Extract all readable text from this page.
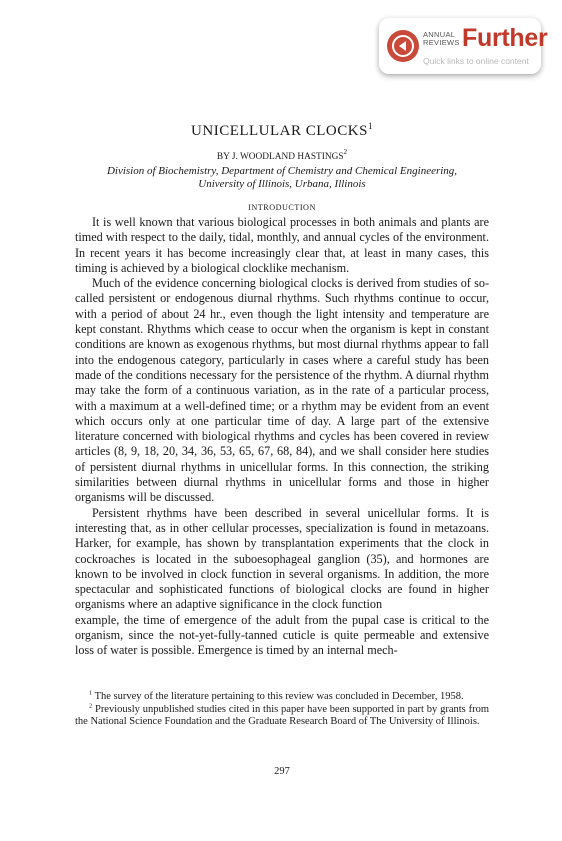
ANNUAL
REVIEWS Further
Quick links to online content
UNICELLULAR CLOCKS$^1$
BY J. WOODLAND HASTINGS$^2$
Division of Biochemistry, Department of Chemistry and Chemical Engineering,
University of Illinois, Urbana, Illinois
INTRODUCTION

It is well known that various biological processes in both animals and plants are timed with respect to the daily, tidal, monthly, and annual cycles of the environment. In recent years it has become increasingly clear that, at least in many cases, this timing is achieved by a biological clocklike mechanism.

Much of the evidence concerning biological clocks is derived from studies of so-called persistent or endogenous diurnal rhythms. Such rhythms continue to occur, with a period of about 24 hr., even though the light intensity and temperature are kept constant. Rhythms which cease to occur when the organism is kept in constant conditions are known as exogenous rhythms, but most diurnal rhythms appear to fall into the endogenous category, particularly in cases where a careful study has been made of the conditions necessary for the persistence of the rhythm. A diurnal rhythm may take the form of a continuous variation, as in the rate of a particular process, with a maximum at a well-defined time; or a rhythm may be evident from an event which occurs only at one particular time of day. A large part of the extensive literature concerned with biological rhythms and cycles has been covered in review articles (8, 9, 18, 20, 34, 36, 53, 65, 67, 68, 84), and we shall consider here studies of persistent diurnal rhythms in unicellular forms. In this connection, the striking similarities between diurnal rhythms in unicellular forms and those in higher organisms will be discussed.

Persistent rhythms have been described in several unicellular forms. It is interesting that, as in other cellular processes, specialization is found in metazoans. Harker, for example, has shown by transplantation experiments that the clock in cockroaches is located in the suboesophageal ganglion (35), and hormones are known to be involved in clock function in several organisms. In addition, the more spectacular and sophisticated functions of biological clocks are found in higher organisms where an adaptive significance in the clock function

example, the time of emergence of the adult from the pupal case is critical to the organism, since the not-yet-fully-tanned cuticle is quite permeable and extensive loss of water is possible. Emergence is timed by an internal mech-

$^1$ The survey of the literature pertaining to this review was concluded in December, 1958.

$^2$ Previously unpublished studies cited in this paper have been supported in part by grants from the National Science Foundation and the Graduate Research Board of The University of Illinois.

297
